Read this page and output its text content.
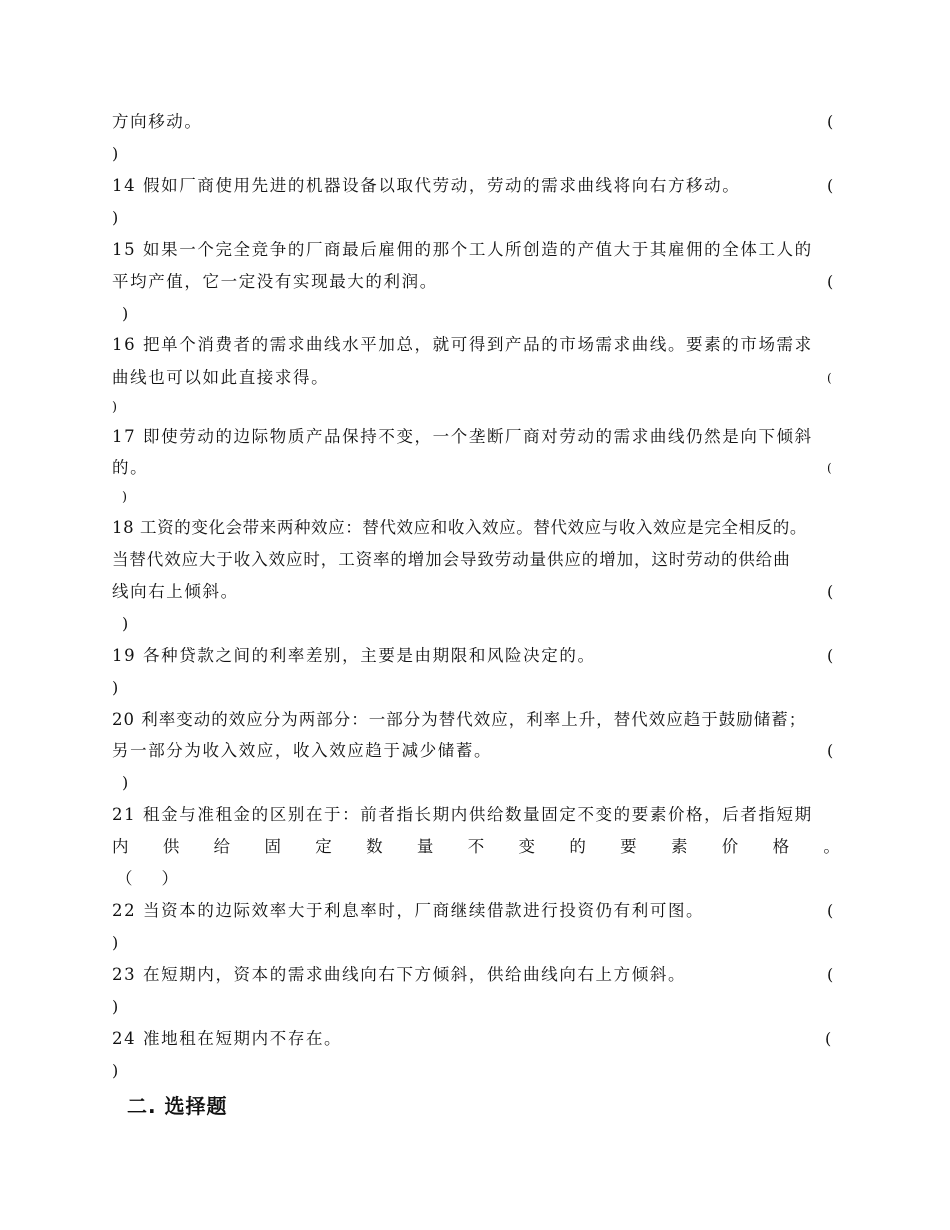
方向移动。	(
)
14 假如厂商使用先进的机器设备以取代劳动，劳动的需求曲线将向右方移动。	(
)
15 如果一个完全竞争的厂商最后雇佣的那个工人所创造的产值大于其雇佣的全体工人的
平均产值，它一定没有实现最大的利润。	(
)
16 把单个消费者的需求曲线水平加总，就可得到产品的市场需求曲线。要素的市场需求
曲线也可以如此直接求得。	(
)
17 即使劳动的边际物质产品保持不变，一个垄断厂商对劳动的需求曲线仍然是向下倾斜
的。	(
)
18 工资的变化会带来两种效应：替代效应和收入效应。替代效应与收入效应是完全相反的。
当替代效应大于收入效应时，工资率的增加会导致劳动量供应的增加，这时劳动的供给曲
线向右上倾斜。	(
)
19 各种贷款之间的利率差别，主要是由期限和风险决定的。	(
)
20 利率变动的效应分为两部分：一部分为替代效应，利率上升，替代效应趋于鼓励储蓄；
另一部分为收入效应，收入效应趋于减少储蓄。	(
)
21 租金与准租金的区别在于：前者指长期内供给数量固定不变的要素价格，后者指短期
内 供 给 固 定 数 量 不 变 的 要 素 价 格 。
（    ）
22 当资本的边际效率大于利息率时，厂商继续借款进行投资仍有利可图。	(
)
23 在短期内，资本的需求曲线向右下方倾斜，供给曲线向右上方倾斜。	(
)
24 准地租在短期内不存在。	(
)
二. 选择题
